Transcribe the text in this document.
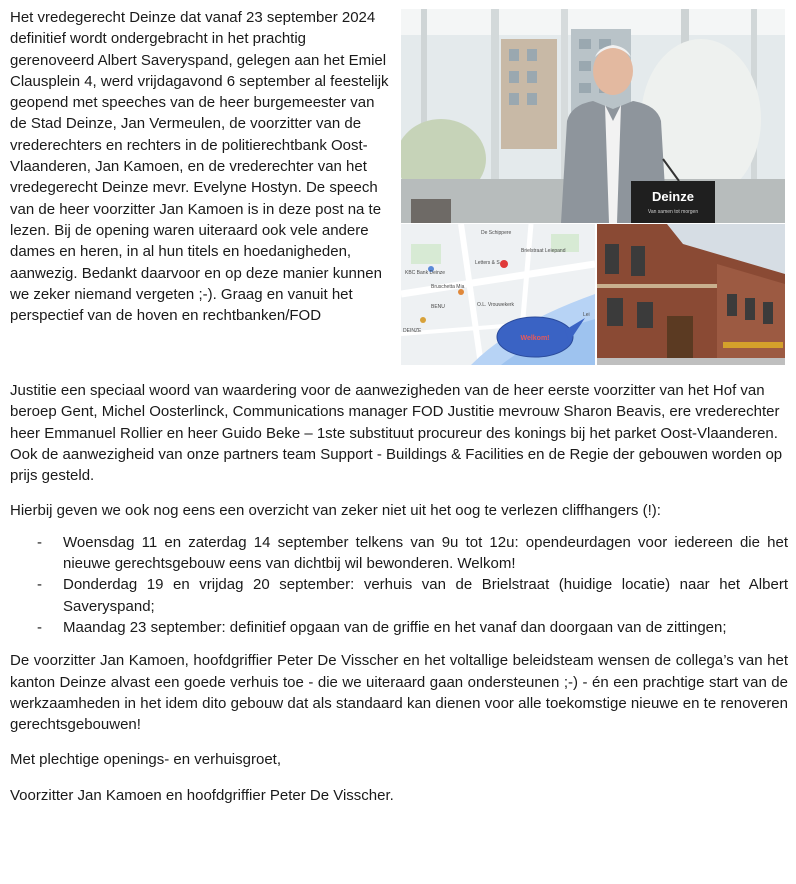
Deinze
Van samen tot morgen
De Schippere
Letters & S
KBC Bank Deinze
Bruschetta Mia
Brielstraat Leiepand
O.L. Vrouwekerk
BENU
DEINZE
Lei
Welkom!

Het vredegerecht Deinze dat vanaf 23 september 2024 definitief wordt ondergebracht in het prachtig gerenoveerd Albert Saveryspand, gelegen aan het Emiel Clausplein 4, werd vrijdagavond 6 september al feestelijk geopend met speeches van de heer burgemeester van de Stad Deinze, Jan Vermeulen, de voorzitter van de vrederechters en rechters in de politierechtbank Oost-Vlaanderen, Jan Kamoen, en de vrederechter van het vredegerecht Deinze mevr. Evelyne Hostyn. De speech van de heer voorzitter Jan Kamoen is in deze post na te lezen. Bij de opening waren uiteraard ook vele andere dames en heren, in al hun titels en hoedanigheden, aanwezig. Bedankt daarvoor en op deze manier kunnen we zeker niemand vergeten ;-). Graag en vanuit het perspectief van de hoven en rechtbanken/FOD

Justitie een speciaal woord van waardering voor de aanwezigheden van de heer eerste voorzitter van het Hof van beroep Gent, Michel Oosterlinck, Communications manager FOD Justitie mevrouw Sharon Beavis, ere vrederechter heer Emmanuel Rollier en heer Guido Beke – 1ste substituut procureur des konings bij het parket Oost-Vlaanderen. Ook de aanwezigheid van onze partners team Support - Buildings & Facilities en de Regie der gebouwen worden op prijs gesteld.

Hierbij geven we ook nog eens een overzicht van zeker niet uit het oog te verlezen cliffhangers (!):

- Woensdag 11 en zaterdag 14 september telkens van 9u tot 12u: opendeurdagen voor iedereen die het nieuwe gerechtsgebouw eens van dichtbij wil bewonderen. Welkom!
- Donderdag 19 en vrijdag 20 september: verhuis van de Brielstraat (huidige locatie) naar het Albert Saveryspand;
- Maandag 23 september: definitief opgaan van de griffie en het vanaf dan doorgaan van de zittingen;

De voorzitter Jan Kamoen, hoofdgriffier Peter De Visscher en het voltallige beleidsteam wensen de collega’s van het kanton Deinze alvast een goede verhuis toe - die we uiteraard gaan ondersteunen ;-) - én een prachtige start van de werkzaamheden in het idem dito gebouw dat als standaard kan dienen voor alle toekomstige nieuwe en te renoveren gerechtsgebouwen!

Met plechtige openings- en verhuisgroet,

Voorzitter Jan Kamoen en hoofdgriffier Peter De Visscher.
